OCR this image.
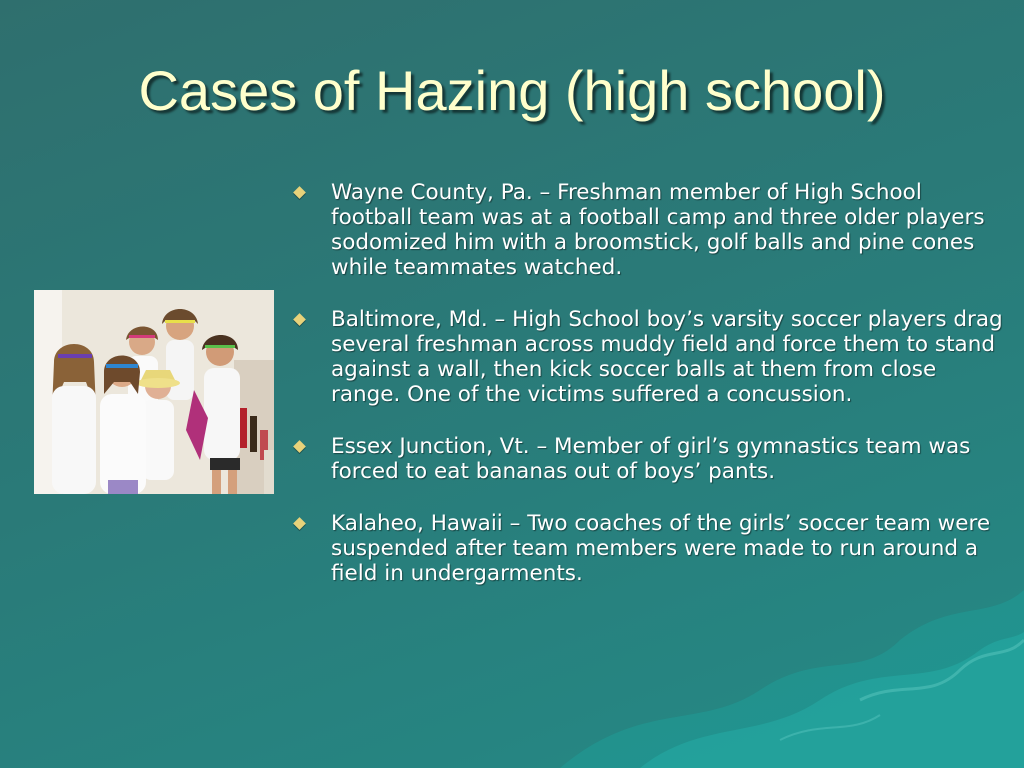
Cases of Hazing (high school)
Wayne County, Pa. – Freshman member of High School football team was at a football camp and three older players sodomized him with a broomstick, golf balls and pine cones while teammates watched.
Baltimore, Md. – High School boy’s varsity soccer players drag several freshman across muddy field and force them to stand against a wall, then kick soccer balls at them from close range. One of the victims suffered a concussion.
Essex Junction, Vt. – Member of girl’s gymnastics team was forced to eat bananas out of boys’ pants.
Kalaheo, Hawaii – Two coaches of the girls’ soccer team were suspended after team members were made to run around a field in undergarments.
